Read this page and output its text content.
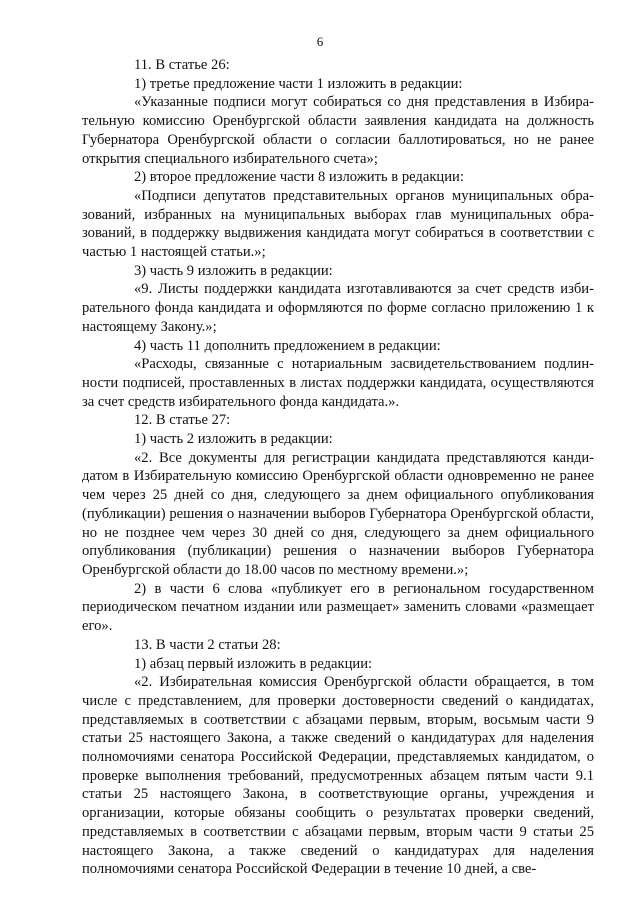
6

11. В статье 26:

1) третье предложение части 1 изложить в редакции:

«Указанные подписи могут собираться со дня представления в Избирательную комиссию Оренбургской области заявления кандидата на должность Губернатора Оренбургской области о согласии баллотироваться, но не ранее открытия специального избирательного счета»;

2) второе предложение части 8 изложить в редакции:

«Подписи депутатов представительных органов муниципальных образований, избранных на муниципальных выборах глав муниципальных образований, в поддержку выдвижения кандидата могут собираться в соответствии с частью 1 настоящей статьи.»;

3) часть 9 изложить в редакции:

«9. Листы поддержки кандидата изготавливаются за счет средств избирательного фонда кандидата и оформляются по форме согласно приложению 1 к настоящему Закону.»;

4) часть 11 дополнить предложением в редакции:

«Расходы, связанные с нотариальным засвидетельствованием подлинности подписей, проставленных в листах поддержки кандидата, осуществляются за счет средств избирательного фонда кандидата.».

12. В статье 27:

1) часть 2 изложить в редакции:

«2. Все документы для регистрации кандидата представляются кандидатом в Избирательную комиссию Оренбургской области одновременно не ранее чем через 25 дней со дня, следующего за днем официального опубликования (публикации) решения о назначении выборов Губернатора Оренбургской области, но не позднее чем через 30 дней со дня, следующего за днем официального опубликования (публикации) решения о назначении выборов Губернатора Оренбургской области до 18.00 часов по местному времени.»;

2) в части 6 слова «публикует его в региональном государственном периодическом печатном издании или размещает» заменить словами «размещает его».

13. В части 2 статьи 28:

1) абзац первый изложить в редакции:

«2. Избирательная комиссия Оренбургской области обращается, в том числе с представлением, для проверки достоверности сведений о кандидатах, представляемых в соответствии с абзацами первым, вторым, восьмым части 9 статьи 25 настоящего Закона, а также сведений о кандидатурах для наделения полномочиями сенатора Российской Федерации, представляемых кандидатом, о проверке выполнения требований, предусмотренных абзацем пятым части 9.1 статьи 25 настоящего Закона, в соответствующие органы, учреждения и организации, которые обязаны сообщить о результатах проверки сведений, представляемых в соответствии с абзацами первым, вторым части 9 статьи 25 настоящего Закона, а также сведений о кандидатурах для наделения полномочиями сенатора Российской Федерации в течение 10 дней, а све-
